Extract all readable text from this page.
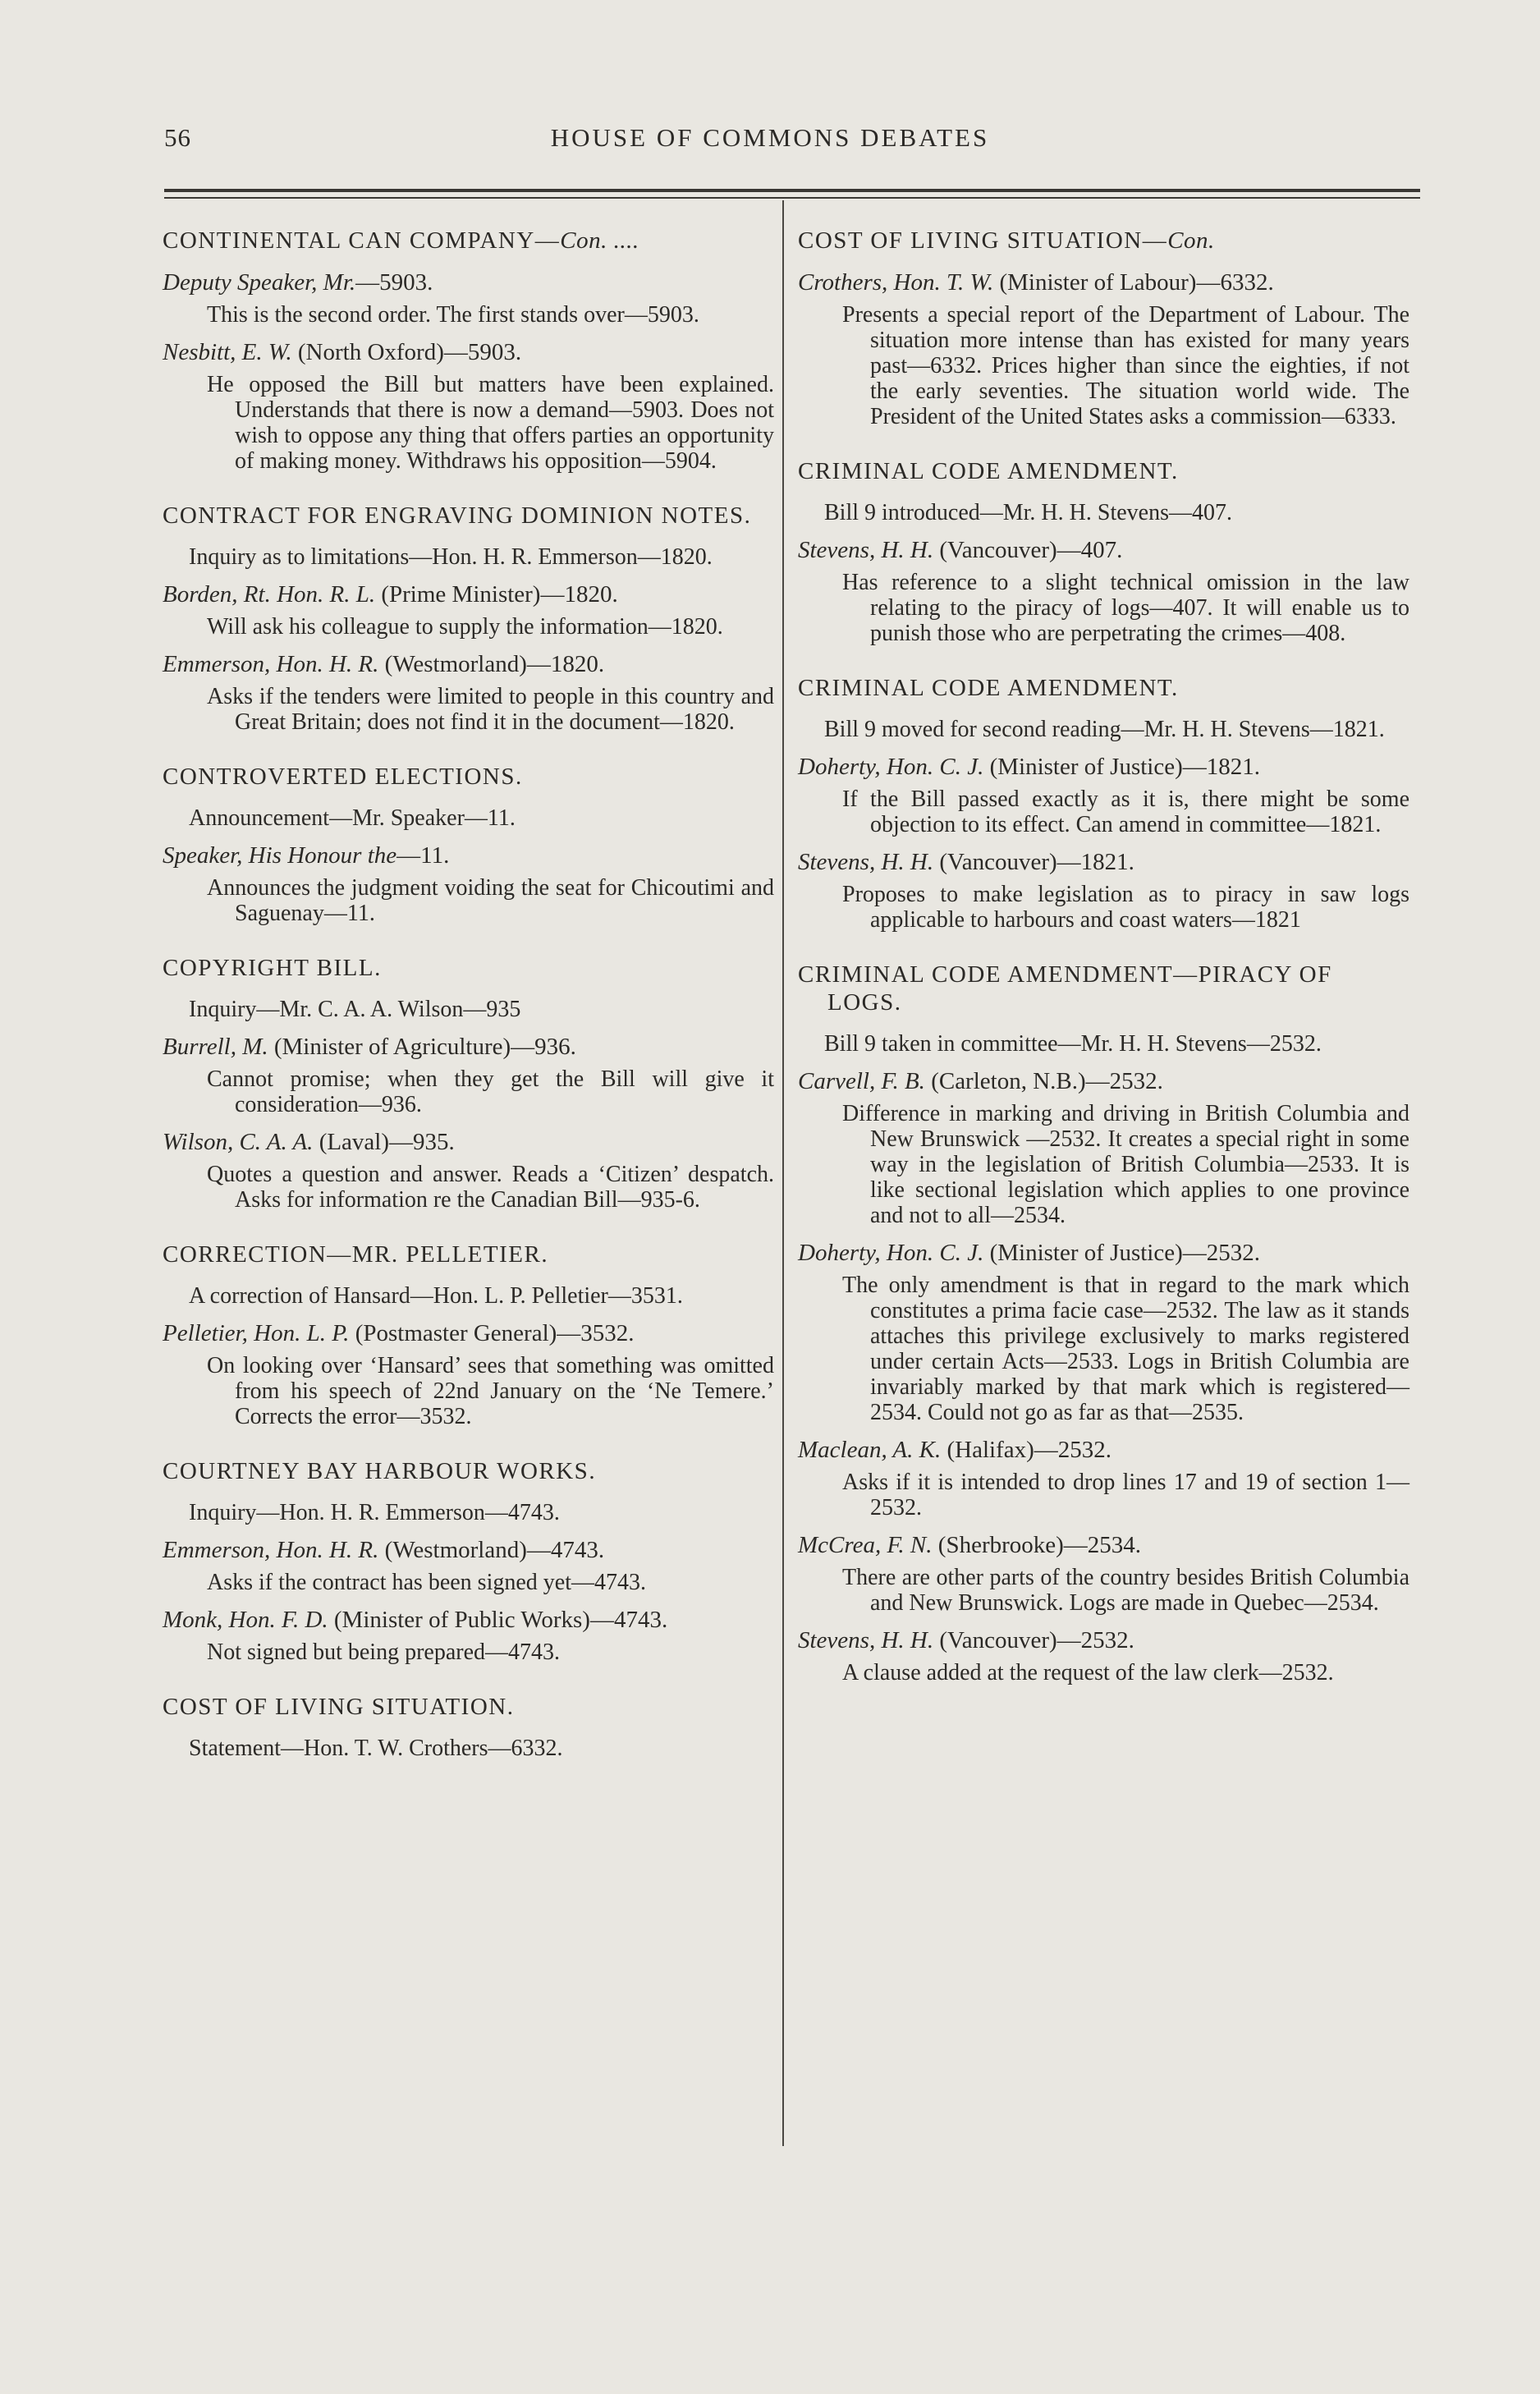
56	HOUSE OF COMMONS DEBATES
CONTINENTAL CAN COMPANY—Con. ....
Deputy Speaker, Mr.—5903.
This is the second order. The first stands over—5903.
Nesbitt, E. W. (North Oxford)—5903.
He opposed the Bill but matters have been explained. Understands that there is now a demand—5903. Does not wish to oppose any thing that offers parties an opportunity of making money. Withdraws his opposition—5904.
CONTRACT FOR ENGRAVING DOMINION NOTES.
Inquiry as to limitations—Hon. H. R. Emmerson—1820.
Borden, Rt. Hon. R. L. (Prime Minister)—1820.
Will ask his colleague to supply the information—1820.
Emmerson, Hon. H. R. (Westmorland)—1820.
Asks if the tenders were limited to people in this country and Great Britain; does not find it in the document—1820.
CONTROVERTED ELECTIONS.
Announcement—Mr. Speaker—11.
Speaker, His Honour the—11.
Announces the judgment voiding the seat for Chicoutimi and Saguenay—11.
COPYRIGHT BILL.
Inquiry—Mr. C. A. A. Wilson—935
Burrell, M. (Minister of Agriculture)—936.
Cannot promise; when they get the Bill will give it consideration—936.
Wilson, C. A. A. (Laval)—935.
Quotes a question and answer. Reads a ‘Citizen’ despatch. Asks for information re the Canadian Bill—935-6.
CORRECTION—MR. PELLETIER.
A correction of Hansard—Hon. L. P. Pelletier—3531.
Pelletier, Hon. L. P. (Postmaster General)—3532.
On looking over ‘Hansard’ sees that something was omitted from his speech of 22nd January on the ‘Ne Temere.’ Corrects the error—3532.
COURTNEY BAY HARBOUR WORKS.
Inquiry—Hon. H. R. Emmerson—4743.
Emmerson, Hon. H. R. (Westmorland)—4743.
Asks if the contract has been signed yet—4743.
Monk, Hon. F. D. (Minister of Public Works)—4743.
Not signed but being prepared—4743.
COST OF LIVING SITUATION.
Statement—Hon. T. W. Crothers—6332.
COST OF LIVING SITUATION—Con.
Crothers, Hon. T. W. (Minister of Labour)—6332.
Presents a special report of the Department of Labour. The situation more intense than has existed for many years past—6332. Prices higher than since the eighties, if not the early seventies. The situation world wide. The President of the United States asks a commission—6333.
CRIMINAL CODE AMENDMENT.
Bill 9 introduced—Mr. H. H. Stevens—407.
Stevens, H. H. (Vancouver)—407.
Has reference to a slight technical omission in the law relating to the piracy of logs—407. It will enable us to punish those who are perpetrating the crimes—408.
CRIMINAL CODE AMENDMENT.
Bill 9 moved for second reading—Mr. H. H. Stevens—1821.
Doherty, Hon. C. J. (Minister of Justice)—1821.
If the Bill passed exactly as it is, there might be some objection to its effect. Can amend in committee—1821.
Stevens, H. H. (Vancouver)—1821.
Proposes to make legislation as to piracy in saw logs applicable to harbours and coast waters—1821
CRIMINAL CODE AMENDMENT—PIRACY OF LOGS.
Bill 9 taken in committee—Mr. H. H. Stevens—2532.
Carvell, F. B. (Carleton, N.B.)—2532.
Difference in marking and driving in British Columbia and New Brunswick —2532. It creates a special right in some way in the legislation of British Columbia—2533. It is like sectional legislation which applies to one province and not to all—2534.
Doherty, Hon. C. J. (Minister of Justice)—2532.
The only amendment is that in regard to the mark which constitutes a prima facie case—2532. The law as it stands attaches this privilege exclusively to marks registered under certain Acts—2533. Logs in British Columbia are invariably marked by that mark which is registered—2534. Could not go as far as that—2535.
Maclean, A. K. (Halifax)—2532.
Asks if it is intended to drop lines 17 and 19 of section 1—2532.
McCrea, F. N. (Sherbrooke)—2534.
There are other parts of the country besides British Columbia and New Brunswick. Logs are made in Quebec—2534.
Stevens, H. H. (Vancouver)—2532.
A clause added at the request of the law clerk—2532.
